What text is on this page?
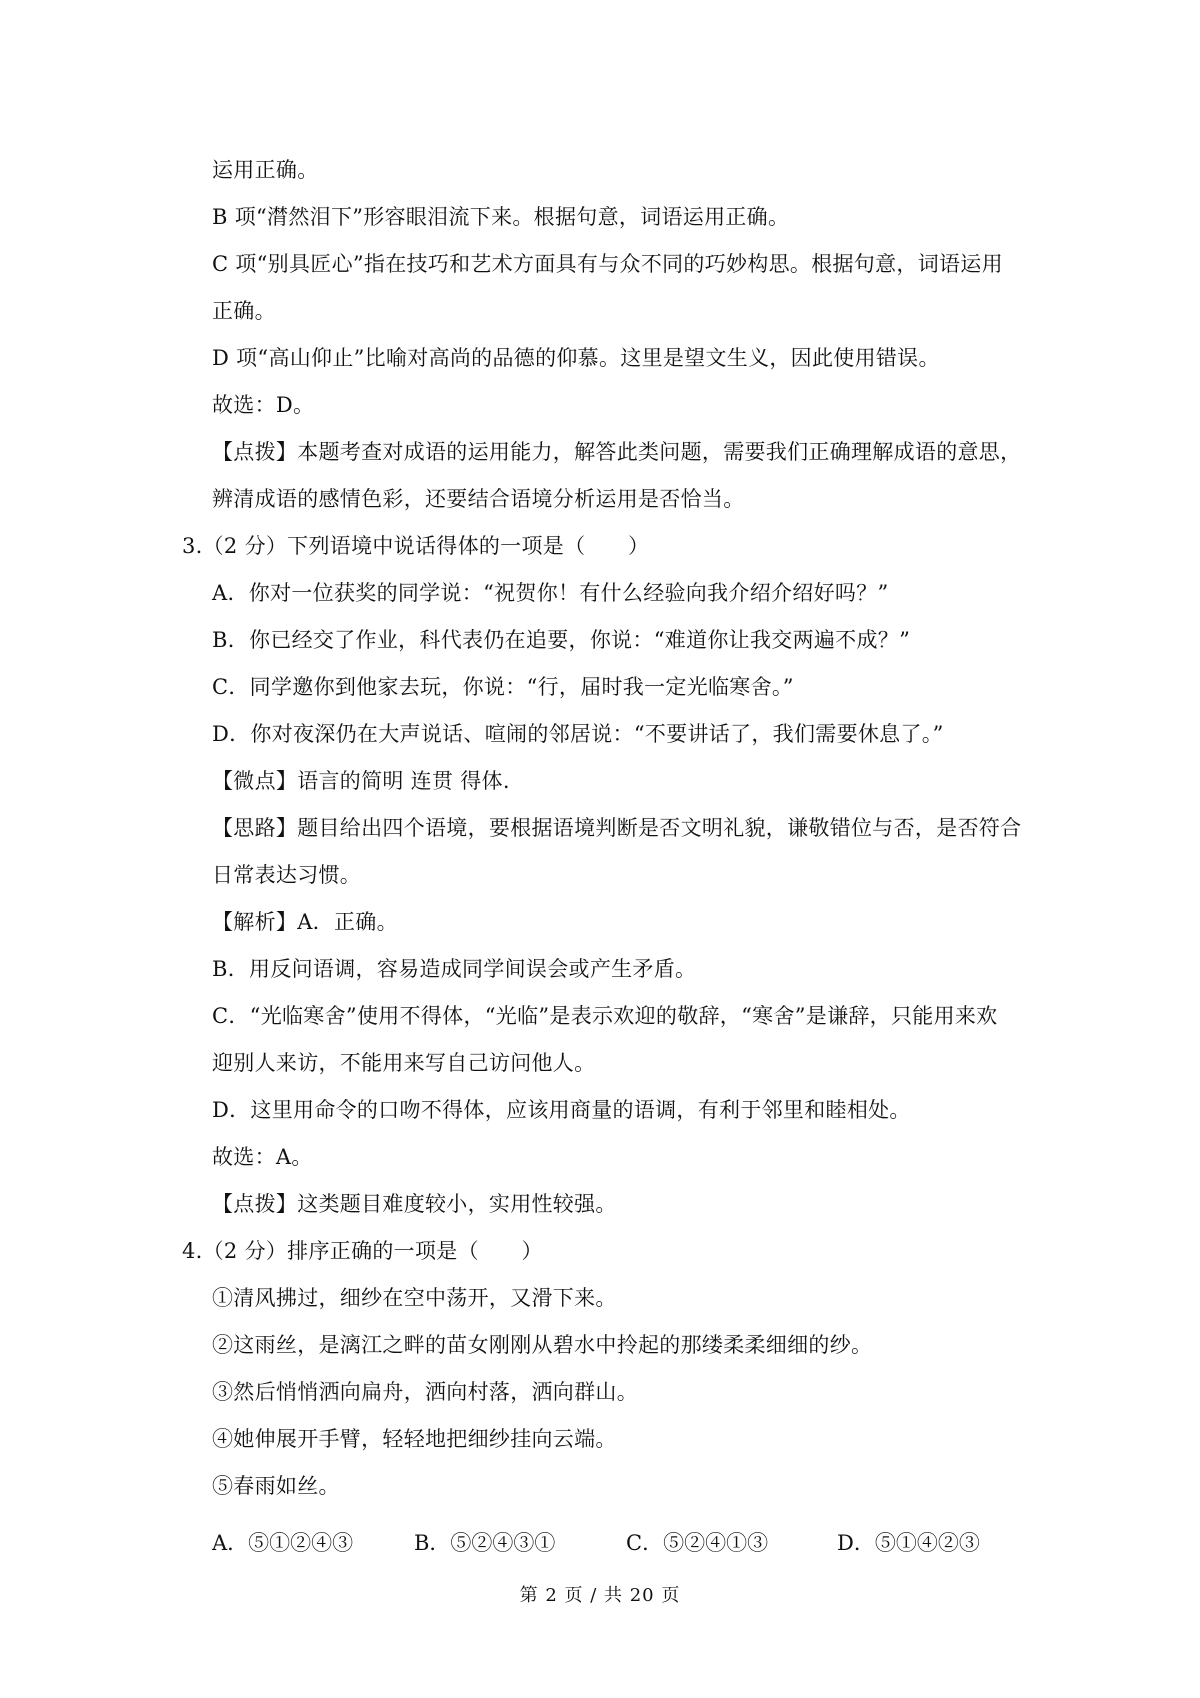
运用正确。
B 项“潸然泪下”形容眼泪流下来。根据句意，词语运用正确。
C 项“别具匠心”指在技巧和艺术方面具有与众不同的巧妙构思。根据句意，词语运用
正确。
D 项“高山仰止”比喻对高尚的品德的仰慕。这里是望文生义，因此使用错误。
故选：D。
【点拨】本题考查对成语的运用能力，解答此类问题，需要我们正确理解成语的意思，
辨清成语的感情色彩，还要结合语境分析运用是否恰当。
3.（2 分）下列语境中说话得体的一项是（　　）
A．你对一位获奖的同学说：“祝贺你！有什么经验向我介绍介绍好吗？”
B．你已经交了作业，科代表仍在追要，你说：“难道你让我交两遍不成？”
C．同学邀你到他家去玩，你说：“行，届时我一定光临寒舍。”
D．你对夜深仍在大声说话、喧闹的邻居说：“不要讲话了，我们需要休息了。”
【微点】语言的简明 连贯 得体.
【思路】题目给出四个语境，要根据语境判断是否文明礼貌，谦敬错位与否，是否符合
日常表达习惯。
【解析】A．正确。
B．用反问语调，容易造成同学间误会或产生矛盾。
C．“光临寒舍”使用不得体，“光临”是表示欢迎的敬辞，“寒舍”是谦辞，只能用来欢
迎别人来访，不能用来写自己访问他人。
D．这里用命令的口吻不得体，应该用商量的语调，有利于邻里和睦相处。
故选：A。
【点拨】这类题目难度较小，实用性较强。
4.（2 分）排序正确的一项是（　　）
①清风拂过，细纱在空中荡开，又滑下来。
②这雨丝，是漓江之畔的苗女刚刚从碧水中拎起的那缕柔柔细细的纱。
③然后悄悄洒向扁舟，洒向村落，洒向群山。
④她伸展开手臂，轻轻地把细纱挂向云端。
⑤春雨如丝。
A．⑤①②④③	B．⑤②④③①	C．⑤②④①③	D．⑤①④②③
第 2 页 / 共 20 页
